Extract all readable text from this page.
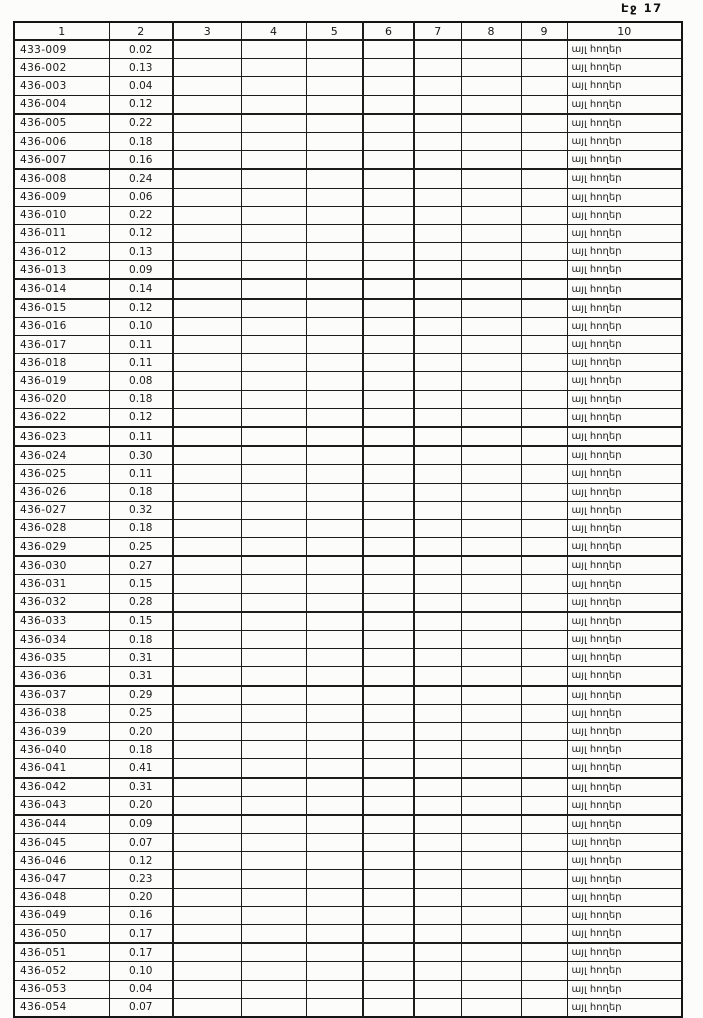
Էջ 17
1	2	3	4	5	6	7	8	9	10
433-009	0.02								այլ հողեր
436-002	0.13								այլ հողեր
436-003	0.04								այլ հողեր
436-004	0.12								այլ հողեր
436-005	0.22								այլ հողեր
436-006	0.18								այլ հողեր
436-007	0.16								այլ հողեր
436-008	0.24								այլ հողեր
436-009	0.06								այլ հողեր
436-010	0.22								այլ հողեր
436-011	0.12								այլ հողեր
436-012	0.13								այլ հողեր
436-013	0.09								այլ հողեր
436-014	0.14								այլ հողեր
436-015	0.12								այլ հողեր
436-016	0.10								այլ հողեր
436-017	0.11								այլ հողեր
436-018	0.11								այլ հողեր
436-019	0.08								այլ հողեր
436-020	0.18								այլ հողեր
436-022	0.12								այլ հողեր
436-023	0.11								այլ հողեր
436-024	0.30								այլ հողեր
436-025	0.11								այլ հողեր
436-026	0.18								այլ հողեր
436-027	0.32								այլ հողեր
436-028	0.18								այլ հողեր
436-029	0.25								այլ հողեր
436-030	0.27								այլ հողեր
436-031	0.15								այլ հողեր
436-032	0.28								այլ հողեր
436-033	0.15								այլ հողեր
436-034	0.18								այլ հողեր
436-035	0.31								այլ հողեր
436-036	0.31								այլ հողեր
436-037	0.29								այլ հողեր
436-038	0.25								այլ հողեր
436-039	0.20								այլ հողեր
436-040	0.18								այլ հողեր
436-041	0.41								այլ հողեր
436-042	0.31								այլ հողեր
436-043	0.20								այլ հողեր
436-044	0.09								այլ հողեր
436-045	0.07								այլ հողեր
436-046	0.12								այլ հողեր
436-047	0.23								այլ հողեր
436-048	0.20								այլ հողեր
436-049	0.16								այլ հողեր
436-050	0.17								այլ հողեր
436-051	0.17								այլ հողեր
436-052	0.10								այլ հողեր
436-053	0.04								այլ հողեր
436-054	0.07								այլ հողեր
